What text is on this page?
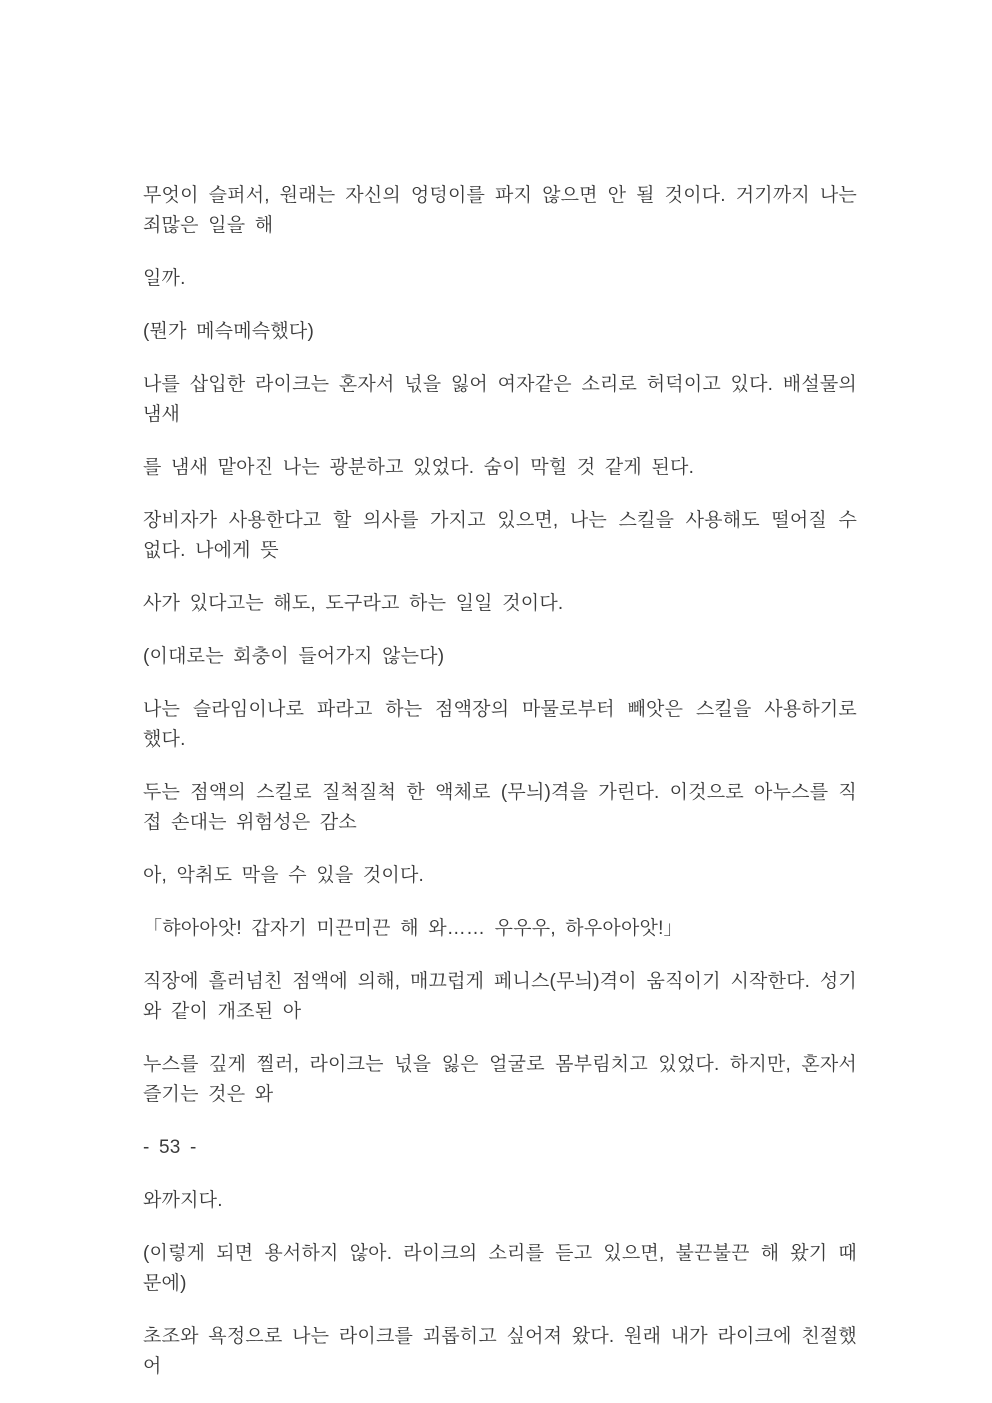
무엇이 슬퍼서, 원래는 자신의 엉덩이를 파지 않으면 안 될 것이다. 거기까지 나는 죄많은 일을 해

일까.

(뭔가 메슥메슥했다)

나를 삽입한 라이크는 혼자서 넋을 잃어 여자같은 소리로 허덕이고 있다. 배설물의 냄새

를 냄새 맡아진 나는 광분하고 있었다. 숨이 막힐 것 같게 된다.

장비자가 사용한다고 할 의사를 가지고 있으면, 나는 스킬을 사용해도 떨어질 수 없다. 나에게 뜻

사가 있다고는 해도, 도구라고 하는 일일 것이다.

(이대로는 회충이 들어가지 않는다)

나는 슬라임이나로 파라고 하는 점액장의 마물로부터 빼앗은 스킬을 사용하기로 했다.

두는 점액의 스킬로 질척질척 한 액체로 (무늬)격을 가린다. 이것으로 아누스를 직접 손대는 위험성은 감소

아, 악취도 막을 수 있을 것이다.

「햐아아앗! 갑자기 미끈미끈 해 와…… 우우우, 하우아아앗!」

직장에 흘러넘친 점액에 의해, 매끄럽게 페니스(무늬)격이 움직이기 시작한다. 성기와 같이 개조된 아

누스를 깊게 찔러, 라이크는 넋을 잃은 얼굴로 몸부림치고 있었다. 하지만, 혼자서 즐기는 것은 와

- 53 -

와까지다.

(이렇게 되면 용서하지 않아. 라이크의 소리를 듣고 있으면, 불끈불끈 해 왔기 때문에)

초조와 욕정으로 나는 라이크를 괴롭히고 싶어져 왔다. 원래 내가 라이크에 친절했어
